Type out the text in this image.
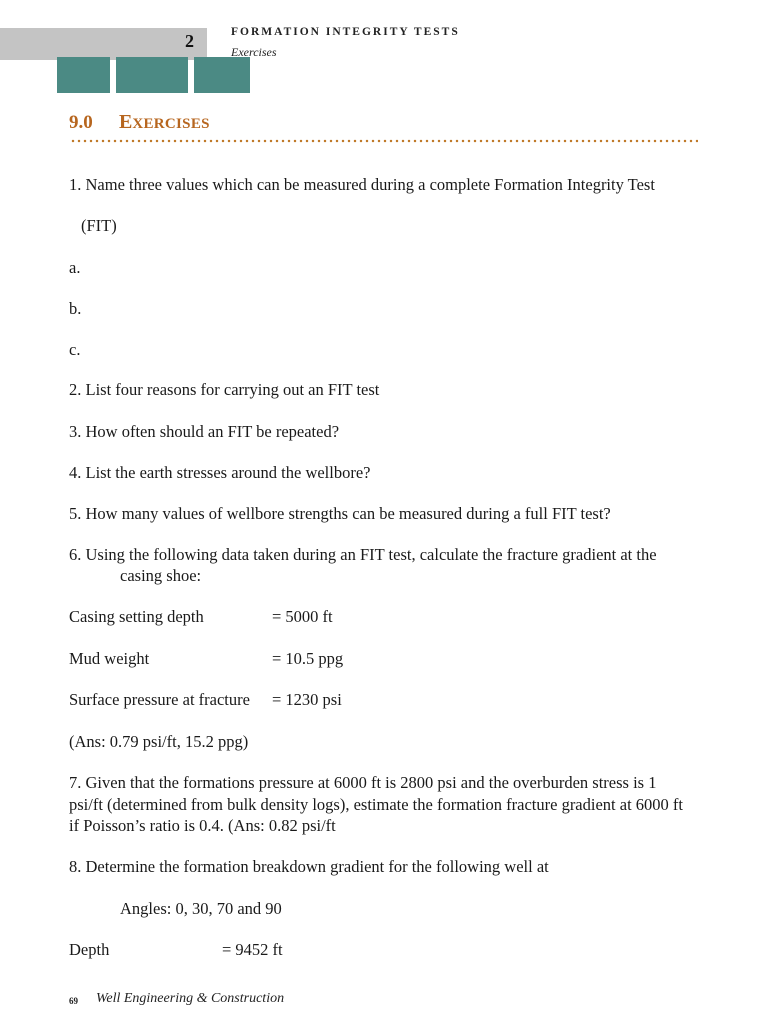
2	FORMATION INTEGRITY TESTS
Exercises
9.0 EXERCISES
1. Name three values which can be measured during a complete Formation Integrity Test
(FIT)
a.
b.
c.
2. List four reasons for carrying out an FIT test
3. How often should an FIT be repeated?
4. List the earth stresses around the wellbore?
5. How many values of wellbore strengths can be measured during a full FIT test?
6. Using the following data taken during an FIT test, calculate the fracture gradient at the
casing shoe:
Casing setting depth	= 5000 ft
Mud weight	= 10.5 ppg
Surface pressure at fracture = 1230 psi
(Ans: 0.79 psi/ft, 15.2 ppg)
7. Given that the formations pressure at 6000 ft is 2800 psi and the overburden stress is 1
psi/ft (determined from bulk density logs), estimate the formation fracture gradient at 6000 ft
if Poisson’s ratio is 0.4. (Ans: 0.82 psi/ft
8. Determine the formation breakdown gradient for the following well at
Angles: 0, 30, 70 and 90
Depth	= 9452 ft
69 Well Engineering & Construction
